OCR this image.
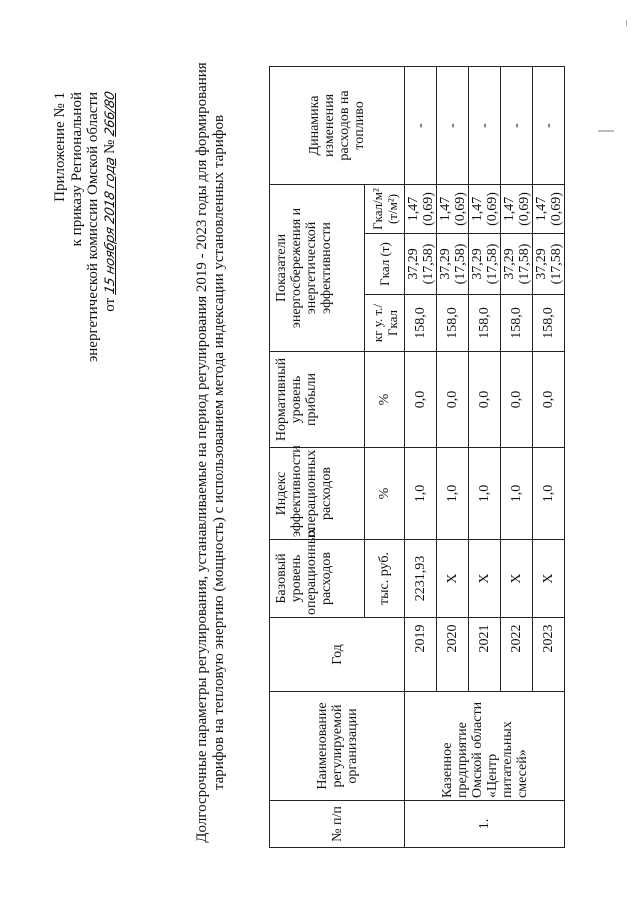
Приложение № 1 к приказу Региональной энергетической комиссии Омской области от 15 ноября 2018 года № 266/80	Долгосрочные параметры регулирования, устанавливаемые на период регулирования 2019 - 2023 годы для формирования тарифов на тепловую энергию (мощность) с использованием метода индексации установленных тарифов
№ п/п	Наименование регулируемой организации	Год		Базовый уровень операционных расходов	Индекс эффективности операционных расходов	Нормативный уровень прибыли	Показатели энергосбережения и энергетической эффективности			Динамика изменения расходов на топливо
				тыс. руб.	%	%	кг у. т./ Гкал	Гкал (т)	Гкал/м² (т/м²)	
1.	Казенное предприятие Омской области «Центр питательных смесей»		2019	2231,93	1,0	0,0	158,0	37,29 (17,58)	1,47 (0,69)	-
			2020	Х	1,0	0,0	158,0	37,29 (17,58)	1,47 (0,69)	-
			2021	Х	1,0	0,0	158,0	37,29 (17,58)	1,47 (0,69)	-
			2022	Х	1,0	0,0	158,0	37,29 (17,58)	1,47 (0,69)	-
			2023	Х	1,0	0,0	158,0	37,29 (17,58)	1,47 (0,69)	-
